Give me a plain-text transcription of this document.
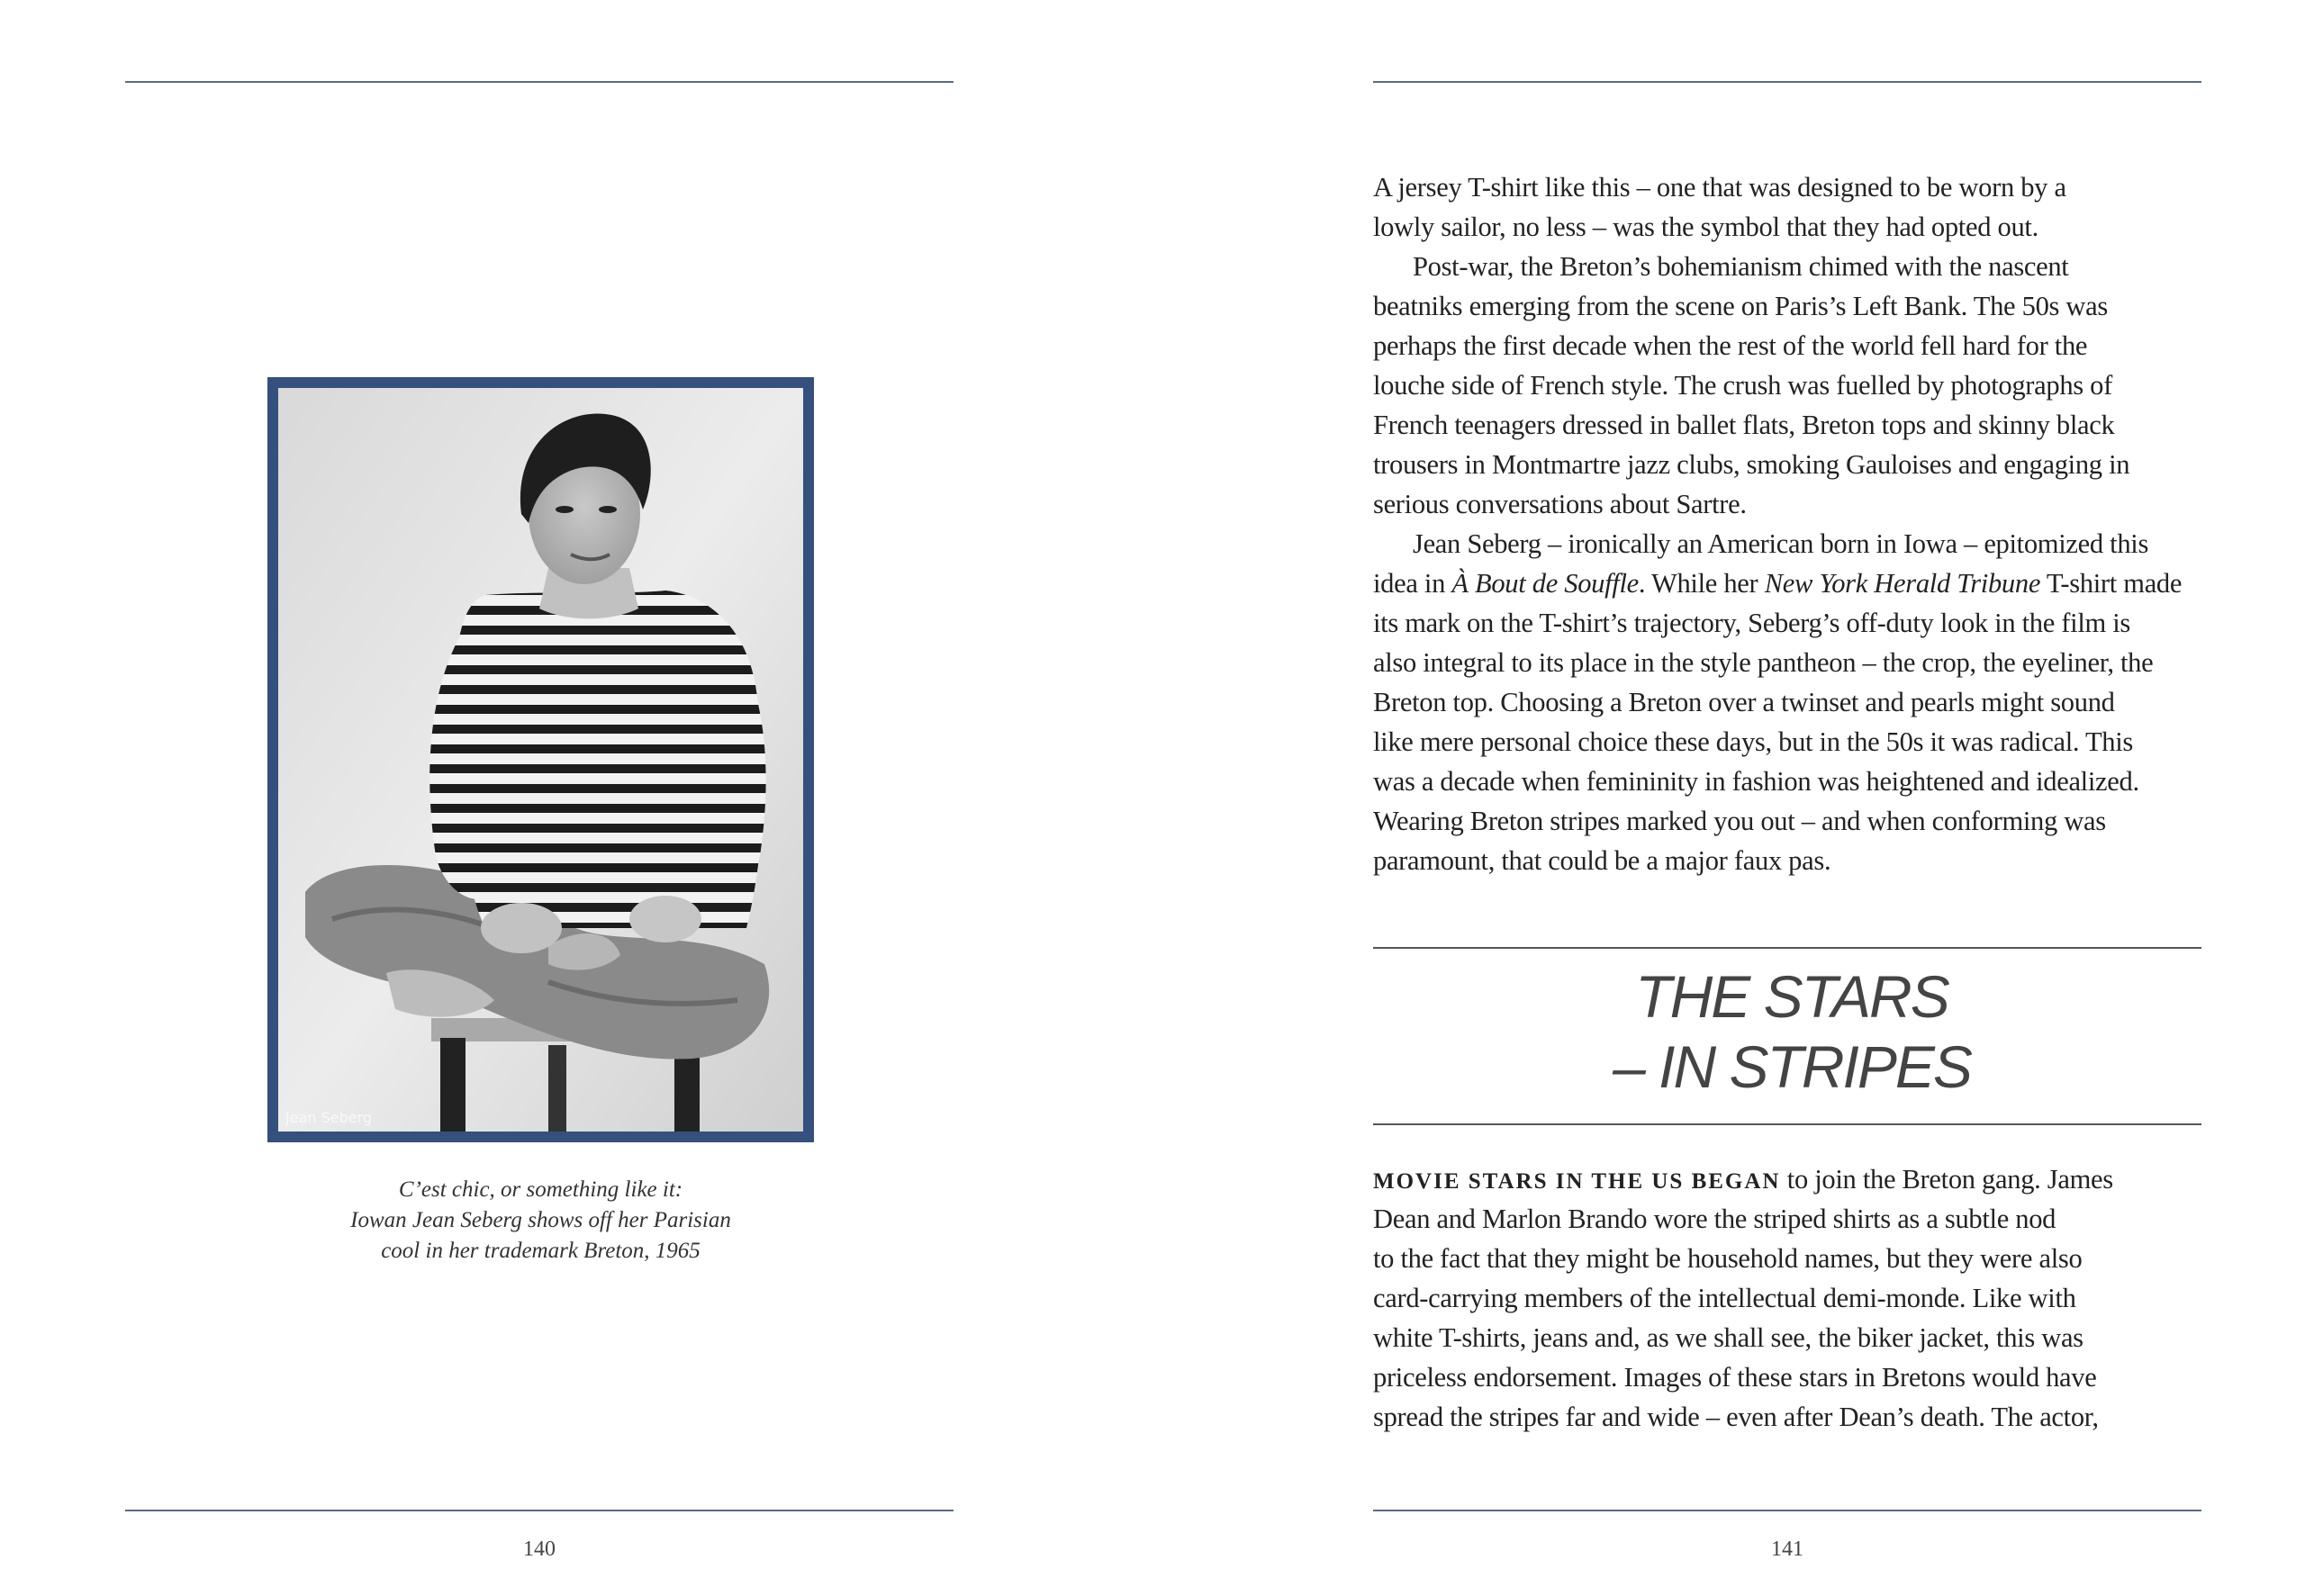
Jean Seberg
C’est chic, or something like it:
Iowan Jean Seberg shows off her Parisian
cool in her trademark Breton, 1965
140
A jersey T-shirt like this – one that was designed to be worn by a
lowly sailor, no less – was the symbol that they had opted out.
Post-war, the Breton’s bohemianism chimed with the nascent
beatniks emerging from the scene on Paris’s Left Bank. The 50s was
perhaps the first decade when the rest of the world fell hard for the
louche side of French style. The crush was fuelled by photographs of
French teenagers dressed in ballet flats, Breton tops and skinny black
trousers in Montmartre jazz clubs, smoking Gauloises and engaging in
serious conversations about Sartre.
Jean Seberg – ironically an American born in Iowa – epitomized this
idea in À Bout de Souffle. While her New York Herald Tribune T-shirt made
its mark on the T-shirt’s trajectory, Seberg’s off-duty look in the film is
also integral to its place in the style pantheon – the crop, the eyeliner, the
Breton top. Choosing a Breton over a twinset and pearls might sound
like mere personal choice these days, but in the 50s it was radical. This
was a decade when femininity in fashion was heightened and idealized.
Wearing Breton stripes marked you out – and when conforming was
paramount, that could be a major faux pas.
THE STARS
– IN STRIPES
MOVIE STARS IN THE US BEGAN to join the Breton gang. James
Dean and Marlon Brando wore the striped shirts as a subtle nod
to the fact that they might be household names, but they were also
card-carrying members of the intellectual demi-monde. Like with
white T-shirts, jeans and, as we shall see, the biker jacket, this was
priceless endorsement. Images of these stars in Bretons would have
spread the stripes far and wide – even after Dean’s death. The actor,
141
